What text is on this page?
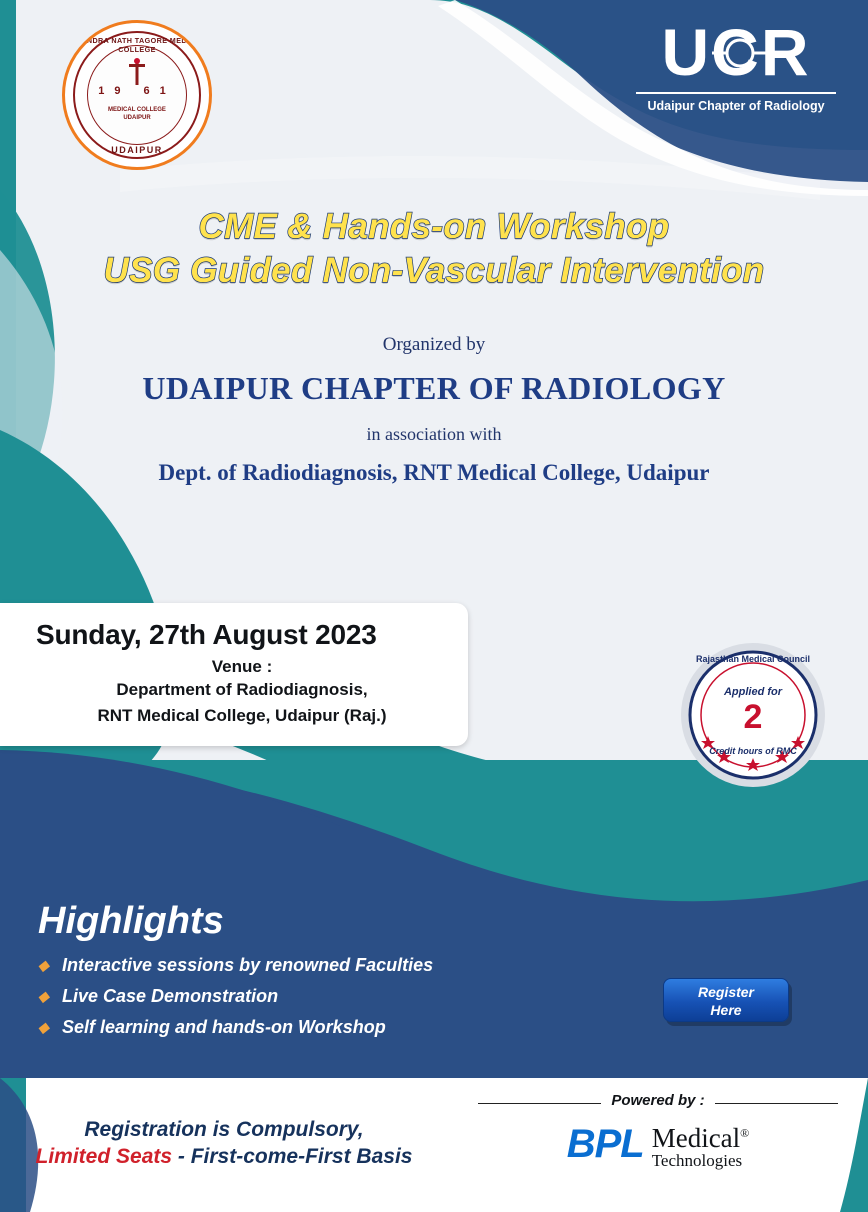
RAVINDRA NATH TAGORE MEDICAL COLLEGE
19 61
MEDICAL COLLEGE
UDAIPUR
UDAIPUR
UCR
Udaipur Chapter of Radiology
CME & Hands-on Workshop
USG Guided Non-Vascular Intervention
Organized by
UDAIPUR CHAPTER OF RADIOLOGY
in association with
Dept. of Radiodiagnosis, RNT Medical College, Udaipur
Sunday, 27th August 2023
Venue :
Department of Radiodiagnosis,
RNT Medical College, Udaipur (Raj.)
Rajasthan Medical Council
Applied for
2
Credit hours of RMC
Highlights
◆ Interactive sessions by renowned Faculties
◆ Live Case Demonstration
◆ Self learning and hands-on Workshop
Register
Here
Registration is Compulsory,
Limited Seats - First-come-First Basis
Powered by :
BPL Medical®
Technologies
